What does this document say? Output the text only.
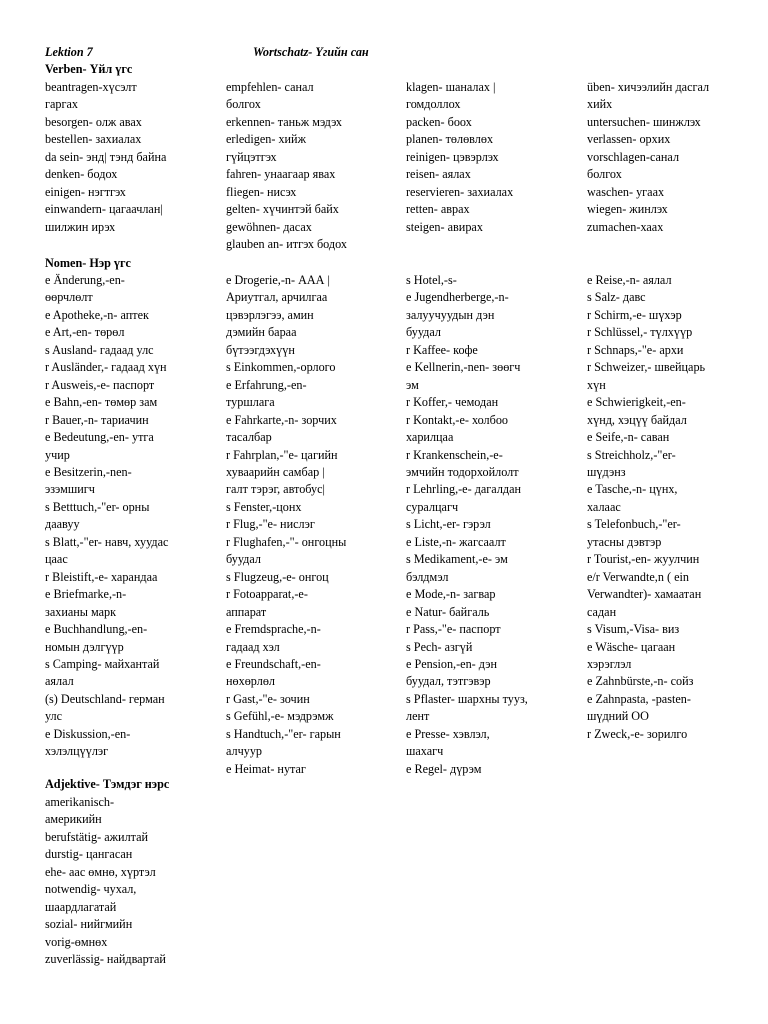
Lektion 7	Wortschatz- Үгийн сан
Verben- Үйл үгс
Nomen- Нэр үгс
Adjektive- Тэмдэг нэрс
beantragen-хүсэлт
гаргах
besorgen- олж авах
bestellen- захиалах
da sein- энд| тэнд байна
denken- бодох
einigen- нэгтгэх
einwandern- цагаачлан|
шилжин ирэх
empfehlen- санал
болгох
erkennen- таньж мэдэх
erledigen- хийж
гүйцэтгэх
fahren- унаагаар явах
fliegen- нисэх
gelten- хүчинтэй байх
gewöhnen- дасах
glauben an- итгэх бодох
klagen- шаналах |
гомдоллох
packen- боох
planen- төлөвлөх
reinigen- цэвэрлэх
reisen- аялах
reservieren- захиалах
retten- аврах
steigen- авирах
üben- хичээлийн дасгал
хийх
untersuchen- шинжлэх
verlassen- орхих
vorschlagen-санал
болгох
waschen- угаах
wiegen- жинлэх
zumachen-хаах
e Änderung,-en-
өөрчлөлт
e Apotheke,-n- аптек
e Art,-en- төрөл
s Ausland- гадаад улс
r Ausländer,- гадаад хүн
r Ausweis,-e- паспорт
e Bahn,-en- төмөр зам
r Bauer,-n- тариачин
e Bedeutung,-en- утга
учир
e Besitzerin,-nen-
эзэмшигч
s Betttuch,-"er- орны
даавуу
s Blatt,-"er- навч, хуудас
цаас
r Bleistift,-e- харандаа
e Briefmarke,-n-
захианы марк
e Buchhandlung,-en-
номын дэлгүүр
s Camping- майхантай
аялал
(s) Deutschland- герман
улс
e Diskussion,-en-
хэлэлцүүлэг
e Drogerie,-n- ААА |
Ариутгал, арчилгаа
цэвэрлэгээ, амин
дэмийн бараа
бүтээгдэхүүн
s Einkommen,-орлого
e Erfahrung,-en-
туршлага
e Fahrkarte,-n- зорчих
тасалбар
r Fahrplan,-"e- цагийн
хуваарийн самбар |
галт тэрэг, автобус|
s Fenster,-цонх
r Flug,-"e- нислэг
r Flughafen,-"- онгоцны
буудал
s Flugzeug,-e- онгоц
r Fotoapparat,-e-
аппарат
e Fremdsprache,-n-
гадаад хэл
e Freundschaft,-en-
нөхөрлөл
r Gast,-"e- зочин
s Gefühl,-e- мэдрэмж
s Handtuch,-"er- гарын
алчуур
e Heimat- нутаг
s Hotel,-s-
e Jugendherberge,-n-
залуучуудын дэн
буудал
r Kaffee- кофе
e Kellnerin,-nen- зөөгч
эм
r Koffer,- чемодан
r Kontakt,-e- холбоо
харилцаа
r Krankenschein,-e-
эмчийн тодорхойлолт
r Lehrling,-e- дагалдан
суралцагч
s Licht,-er- гэрэл
e Liste,-n- жагсаалт
s Medikament,-e- эм
бэлдмэл
e Mode,-n- загвар
e Natur- байгаль
r Pass,-"e- паспорт
s Pech- азгүй
e Pension,-en- дэн
буудал, тэтгэвэр
s Pflaster- шархны тууз,
лент
e Presse- хэвлэл,
шахагч
e Regel- дүрэм
e Reise,-n- аялал
s Salz- давс
r Schirm,-e- шүхэр
r Schlüssel,- түлхүүр
r Schnaps,-"e- архи
r Schweizer,- швейцарь
хүн
e Schwierigkeit,-en-
хүнд, хэцүү байдал
e Seife,-n- саван
s Streichholz,-"er-
шүдэнз
e Tasche,-n- цүнх,
халаас
s Telefonbuch,-"er-
утасны дэвтэр
r Tourist,-en- жуулчин
e/r Verwandte,n ( ein
Verwandter)- хамаатан
садан
s Visum,-Visa- виз
e Wäsche- цагаан
хэрэглэл
e Zahnbürste,-n- сойз
e Zahnpasta, -pasten-
шүдний ОО
r Zweck,-e- зорилго
amerikanisch-
америкийн
berufstätig- ажилтай
durstig- цангасан
ehe- аас өмнө, хүртэл
notwendig- чухал,
шаардлагатай
sozial- нийгмийн
vorig-өмнөх
zuverlässig- найдвартай
